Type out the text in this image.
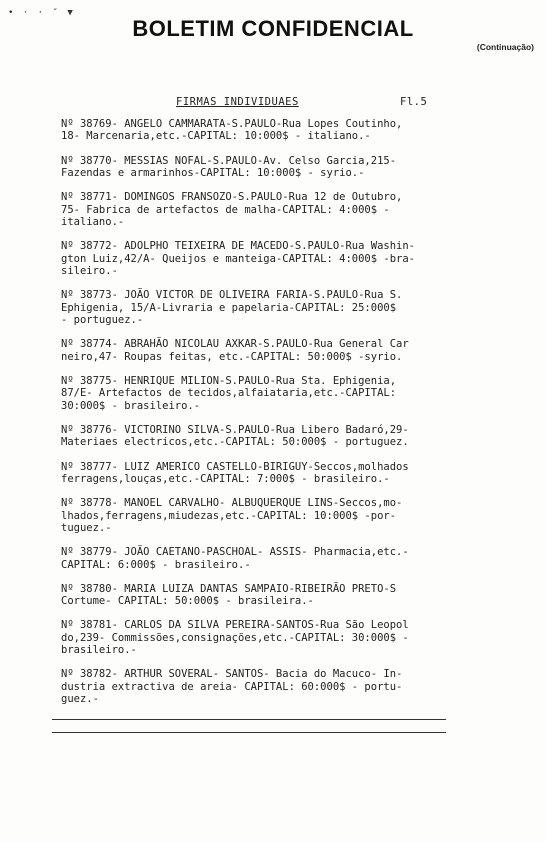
• · · ″ ▼
BOLETIM CONFIDENCIAL
(Continuação)
FIRMAS INDIVIDUAES	Fl.5
Nº 38769- ANGELO CAMMARATA-S.PAULO-Rua Lopes Coutinho,
18- Marcenaria,etc.-CAPITAL: 10:000$ - italiano.-
Nº 38770- MESSIAS NOFAL-S.PAULO-Av. Celso Garcia,215-
Fazendas e armarinhos-CAPITAL: 10:000$ - syrio.-
Nº 38771- DOMINGOS FRANSOZO-S.PAULO-Rua 12 de Outubro,
75- Fabrica de artefactos de malha-CAPITAL: 4:000$ -
italiano.-
Nº 38772- ADOLPHO TEIXEIRA DE MACEDO-S.PAULO-Rua Washin-
gton Luiz,42/A- Queijos e manteiga-CAPITAL: 4:000$ -bra-
sileiro.-
Nº 38773- JOÃO VICTOR DE OLIVEIRA FARIA-S.PAULO-Rua S.
Ephigenia, 15/A-Livraria e papelaria-CAPITAL: 25:000$
- portuguez.-
Nº 38774- ABRAHÃO NICOLAU AXKAR-S.PAULO-Rua General Car
neiro,47- Roupas feitas, etc.-CAPITAL: 50:000$ -syrio.
Nº 38775- HENRIQUE MILION-S.PAULO-Rua Sta. Ephigenia,
87/E- Artefactos de tecidos,alfaiataria,etc.-CAPITAL:
30:000$ - brasileiro.-
Nº 38776- VICTORINO SILVA-S.PAULO-Rua Libero Badaró,29-
Materiaes electricos,etc.-CAPITAL: 50:000$ - portuguez.
Nº 38777- LUIZ AMERICO CASTELLO-BIRIGUY-Seccos,molhados
ferragens,louças,etc.-CAPITAL: 7:000$ - brasileiro.-
Nº 38778- MANOEL CARVALHO- ALBUQUERQUE LINS-Seccos,mo-
lhados,ferragens,miudezas,etc.-CAPITAL: 10:000$ -por-
tuguez.-
Nº 38779- JOÃO CAETANO-PASCHOAL- ASSIS- Pharmacia,etc.-
CAPITAL: 6:000$ - brasileiro.-
Nº 38780- MARIA LUIZA DANTAS SAMPAIO-RIBEIRÃO PRETO-S
Cortume- CAPITAL: 50:000$ - brasileira.-
Nº 38781- CARLOS DA SILVA PEREIRA-SANTOS-Rua São Leopol
do,239- Commissões,consignações,etc.-CAPITAL: 30:000$ -
brasileiro.-
Nº 38782- ARTHUR SOVERAL- SANTOS- Bacia do Macuco- In-
dustria extractiva de areia- CAPITAL: 60:000$ - portu-
guez.-
